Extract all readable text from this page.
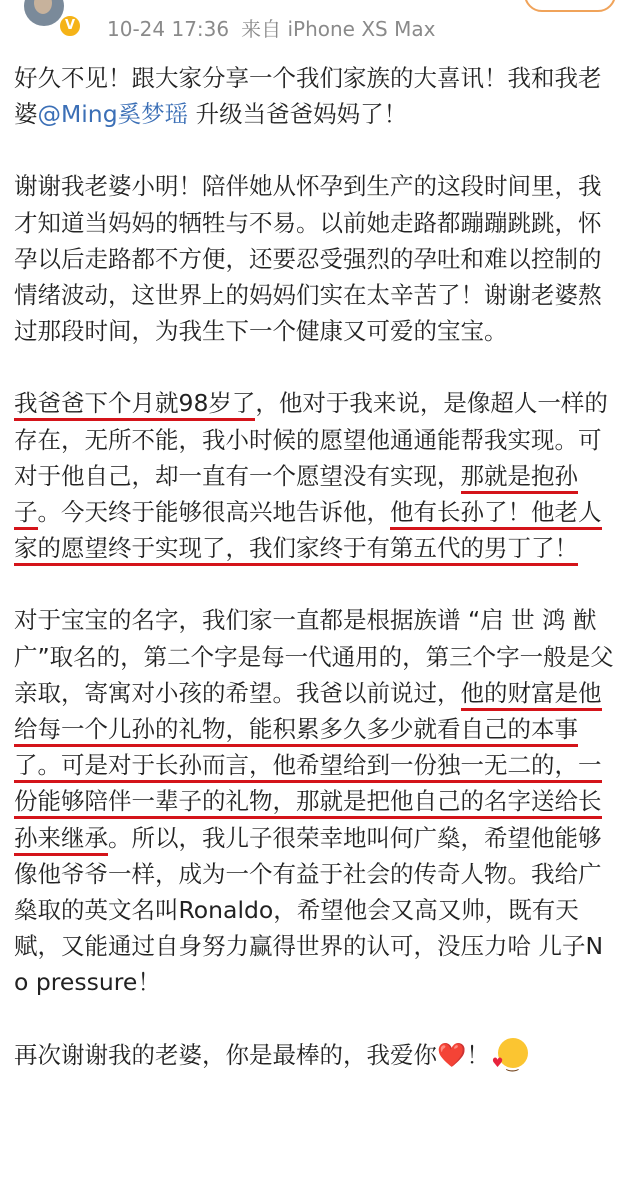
V	10-24 17:36 来自 iPhone XS Max

好久不见！跟大家分享一个我们家族的大喜讯！我和我老婆@Ming奚梦瑶 升级当爸爸妈妈了！

谢谢我老婆小明！陪伴她从怀孕到生产的这段时间里，我才知道当妈妈的牺牲与不易。以前她走路都蹦蹦跳跳，怀孕以后走路都不方便，还要忍受强烈的孕吐和难以控制的情绪波动，这世界上的妈妈们实在太辛苦了！谢谢老婆熬过那段时间，为我生下一个健康又可爱的宝宝。

我爸爸下个月就98岁了，他对于我来说，是像超人一样的存在，无所不能，我小时候的愿望他通通能帮我实现。可对于他自己，却一直有一个愿望没有实现，那就是抱孙子。今天终于能够很高兴地告诉他，他有长孙了！他老人家的愿望终于实现了，我们家终于有第五代的男丁了！

对于宝宝的名字，我们家一直都是根据族谱 “启 世 鸿 猷 广”取名的，第二个字是每一代通用的，第三个字一般是父亲取，寄寓对小孩的希望。我爸以前说过，他的财富是他给每一个儿孙的礼物，能积累多久多少就看自己的本事了。可是对于长孙而言，他希望给到一份独一无二的，一份能够陪伴一辈子的礼物，那就是把他自己的名字送给长孙来继承。所以，我儿子很荣幸地叫何广燊，希望他能够像他爷爷一样，成为一个有益于社会的传奇人物。我给广燊取的英文名叫Ronaldo，希望他会又高又帅，既有天赋，又能通过自身努力赢得世界的认可，没压力哈 儿子No pressure！

再次谢谢我的老婆，你是最棒的，我爱你❤️！♥ ‿
